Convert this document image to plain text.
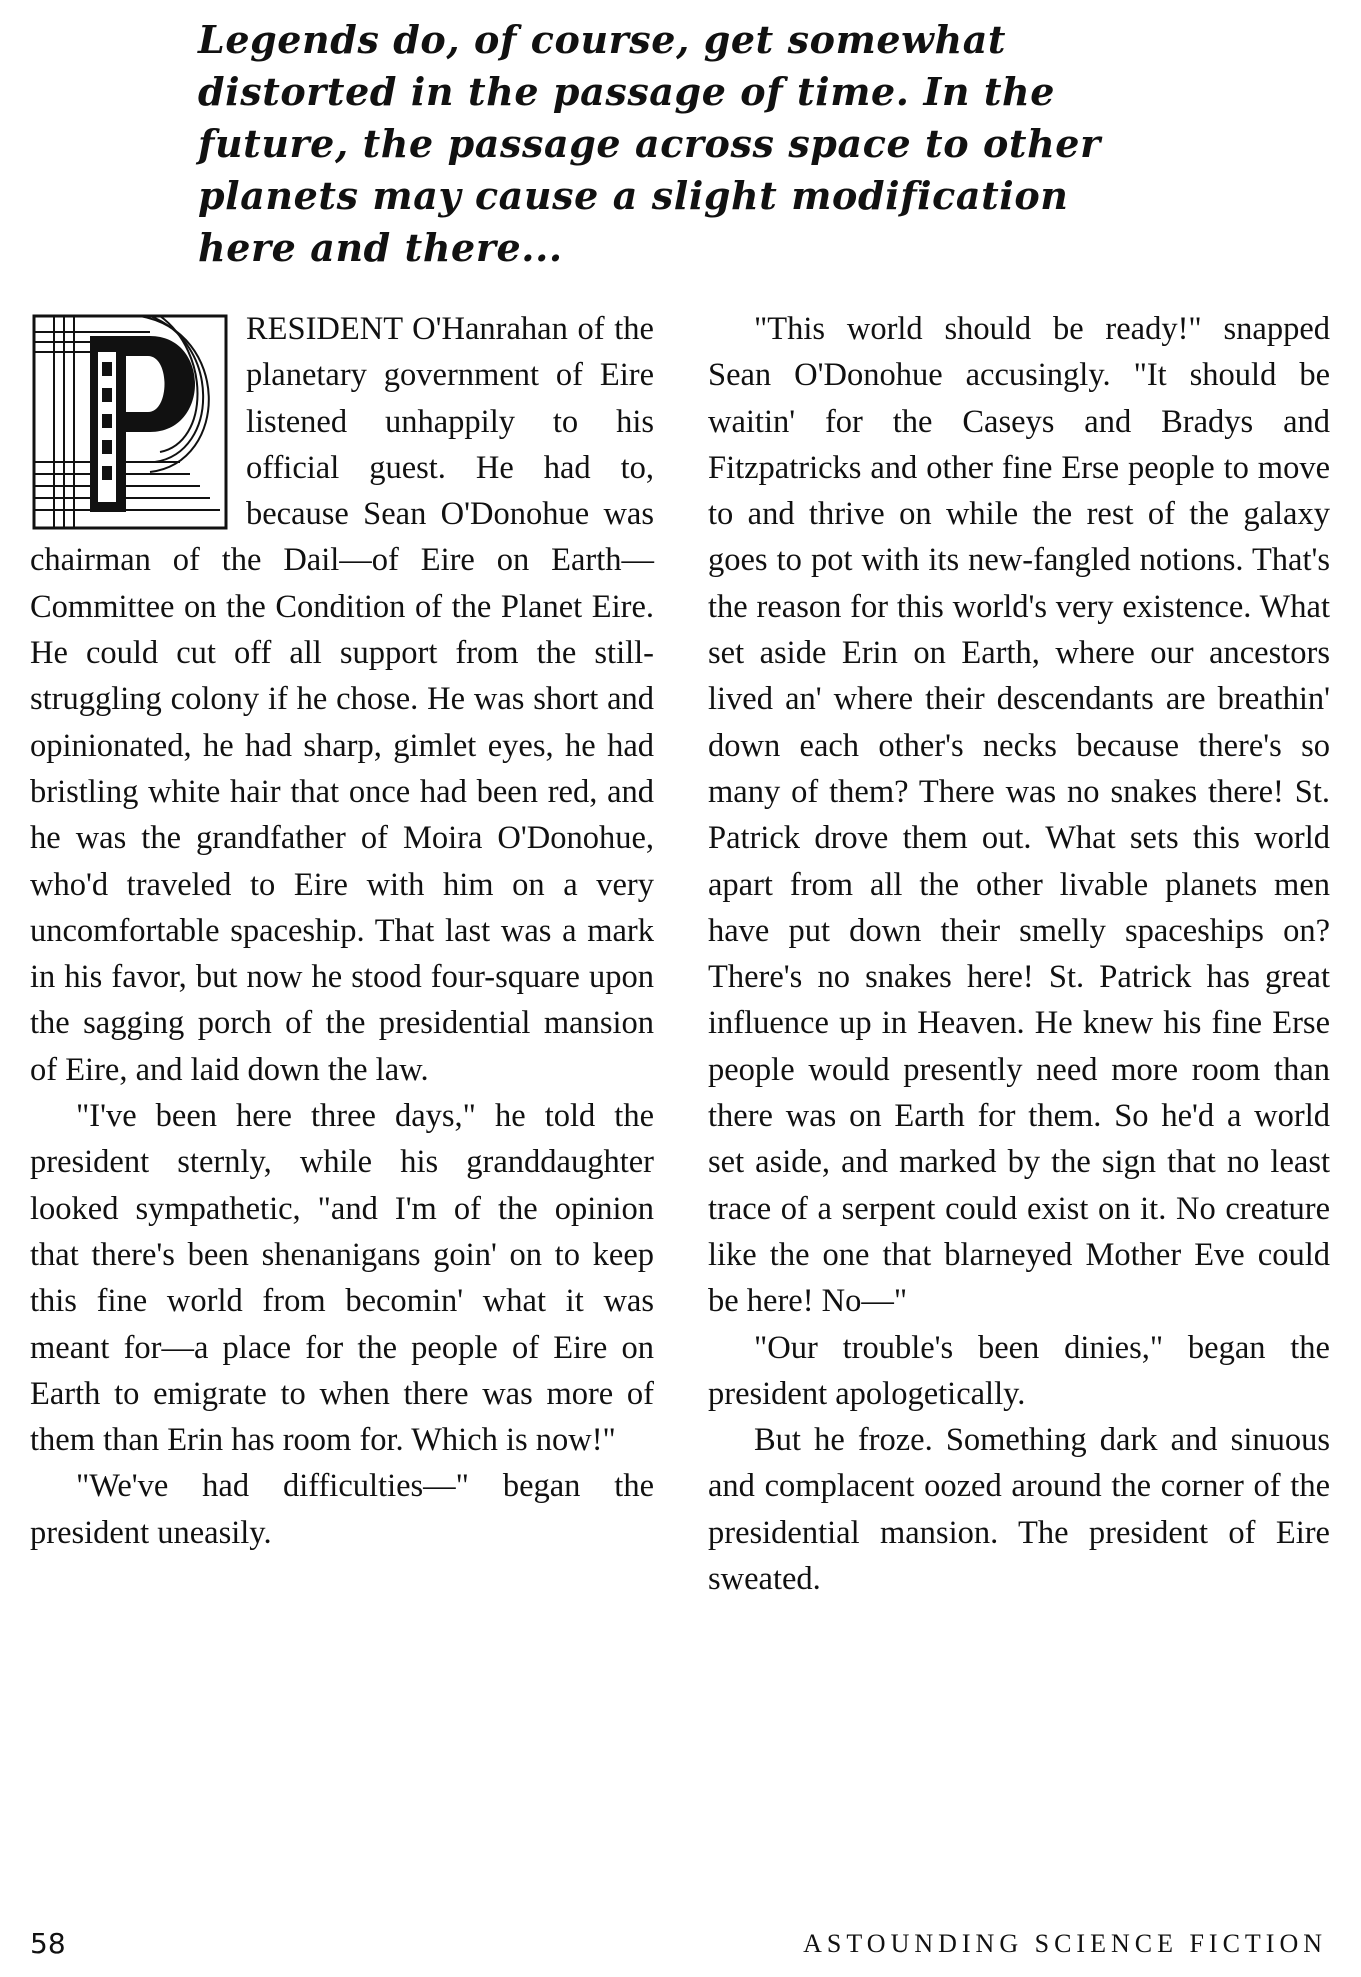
Legends do, of course, get somewhat distorted in the passage of time. In the future, the passage across space to other planets may cause a slight modification here and there...

RESIDENT O'Hanrahan of the planetary government of Eire listened unhappily to his official guest. He had to, because Sean O'Donohue was chairman of the Dail—of Eire on Earth—Committee on the Condition of the Planet Eire. He could cut off all support from the still-struggling colony if he chose. He was short and opinionated, he had sharp, gimlet eyes, he had bristling white hair that once had been red, and he was the grandfather of Moira O'Donohue, who'd traveled to Eire with him on a very uncomfortable spaceship. That last was a mark in his favor, but now he stood four-square upon the sagging porch of the presidential mansion of Eire, and laid down the law.

"I've been here three days," he told the president sternly, while his granddaughter looked sympathetic, "and I'm of the opinion that there's been shenanigans goin' on to keep this fine world from becomin' what it was meant for—a place for the people of Eire on Earth to emigrate to when there was more of them than Erin has room for. Which is now!"

"We've had difficulties—" began the president uneasily.

"This world should be ready!" snapped Sean O'Donohue accusingly. "It should be waitin' for the Caseys and Bradys and Fitzpatricks and other fine Erse people to move to and thrive on while the rest of the galaxy goes to pot with its new-fangled notions. That's the reason for this world's very existence. What set aside Erin on Earth, where our ancestors lived an' where their descendants are breathin' down each other's necks because there's so many of them? There was no snakes there! St. Patrick drove them out. What sets this world apart from all the other livable planets men have put down their smelly spaceships on? There's no snakes here! St. Patrick has great influence up in Heaven. He knew his fine Erse people would presently need more room than there was on Earth for them. So he'd a world set aside, and marked by the sign that no least trace of a serpent could exist on it. No creature like the one that blarneyed Mother Eve could be here! No—"

"Our trouble's been dinies," began the president apologetically.

But he froze. Something dark and sinuous and complacent oozed around the corner of the presidential mansion. The president of Eire sweated.

58	ASTOUNDING SCIENCE FICTION
